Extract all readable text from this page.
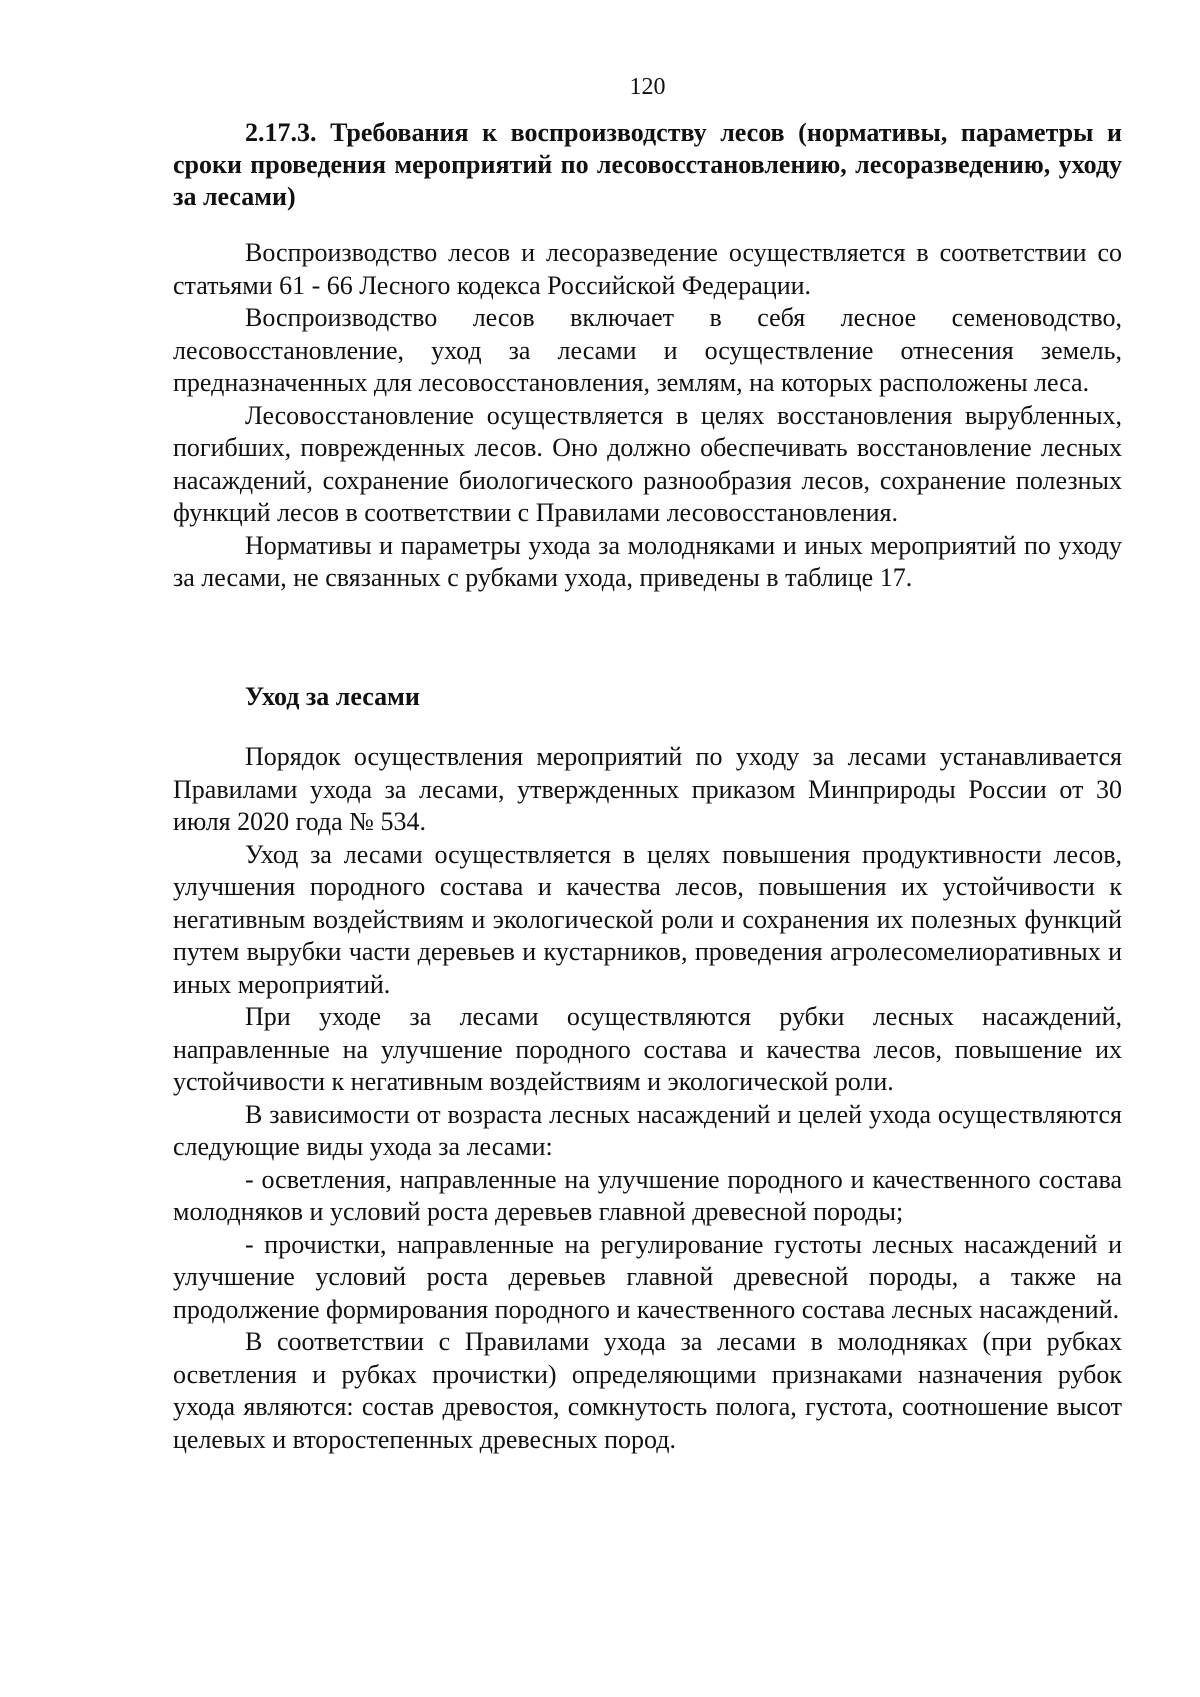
120
2.17.3. Требования к воспроизводству лесов (нормативы, параметры и сроки проведения мероприятий по лесовосстановлению, лесоразведению, уходу за лесами)

Воспроизводство лесов и лесоразведение осуществляется в соответствии со статьями 61 - 66 Лесного кодекса Российской Федерации.

Воспроизводство лесов включает в себя лесное семеноводство, лесовосстановление, уход за лесами и осуществление отнесения земель, предназначенных для лесовосстановления, землям, на которых расположены леса.

Лесовосстановление осуществляется в целях восстановления вырубленных, погибших, поврежденных лесов. Оно должно обеспечивать восстановление лесных насаждений, сохранение биологического разнообразия лесов, сохранение полезных функций лесов в соответствии с Правилами лесовосстановления.

Нормативы и параметры ухода за молодняками и иных мероприятий по уходу за лесами, не связанных с рубками ухода, приведены в таблице 17.

Уход за лесами

Порядок осуществления мероприятий по уходу за лесами устанавливается Правилами ухода за лесами, утвержденных приказом Минприроды России от 30 июля 2020 года № 534.

Уход за лесами осуществляется в целях повышения продуктивности лесов, улучшения породного состава и качества лесов, повышения их устойчивости к негативным воздействиям и экологической роли и сохранения их полезных функций путем вырубки части деревьев и кустарников, проведения агролесомелиоративных и иных мероприятий.

При уходе за лесами осуществляются рубки лесных насаждений, направленные на улучшение породного состава и качества лесов, повышение их устойчивости к негативным воздействиям и экологической роли.

В зависимости от возраста лесных насаждений и целей ухода осуществляются следующие виды ухода за лесами:

- осветления, направленные на улучшение породного и качественного состава молодняков и условий роста деревьев главной древесной породы;

- прочистки, направленные на регулирование густоты лесных насаждений и улучшение условий роста деревьев главной древесной породы, а также на продолжение формирования породного и качественного состава лесных насаждений.

В соответствии с Правилами ухода за лесами в молодняках (при рубках осветления и рубках прочистки) определяющими признаками назначения рубок ухода являются: состав древостоя, сомкнутость полога, густота, соотношение высот целевых и второстепенных древесных пород.
